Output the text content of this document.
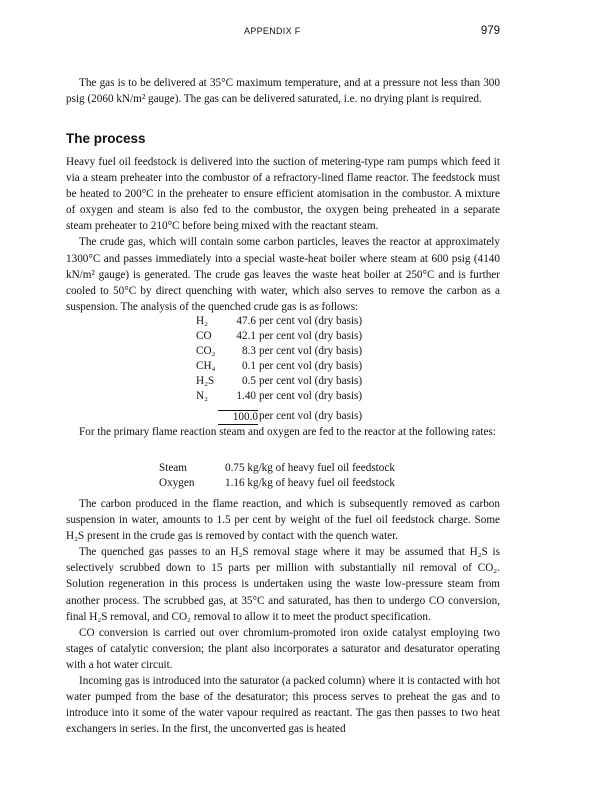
APPENDIX F	979

The gas is to be delivered at 35°C maximum temperature, and at a pressure not less than 300 psig (2060 kN/m² gauge). The gas can be delivered saturated, i.e. no drying plant is required.

The process

Heavy fuel oil feedstock is delivered into the suction of metering-type ram pumps which feed it via a steam preheater into the combustor of a refractory-lined flame reactor. The feedstock must be heated to 200°C in the preheater to ensure efficient atomisation in the combustor. A mixture of oxygen and steam is also fed to the combustor, the oxygen being preheated in a separate steam preheater to 210°C before being mixed with the reactant steam.

The crude gas, which will contain some carbon particles, leaves the reactor at approximately 1300°C and passes immediately into a special waste-heat boiler where steam at 600 psig (4140 kN/m² gauge) is generated. The crude gas leaves the waste heat boiler at 250°C and is further cooled to 50°C by direct quenching with water, which also serves to remove the carbon as a suspension. The analysis of the quenched crude gas is as follows:

H₂	47.6 per cent vol (dry basis)
CO	42.1 per cent vol (dry basis)
CO₂	8.3 per cent vol (dry basis)
CH₄	0.1 per cent vol (dry basis)
H₂S	0.5 per cent vol (dry basis)
N₂	1.40 per cent vol (dry basis)
100.0 per cent vol (dry basis)

For the primary flame reaction steam and oxygen are fed to the reactor at the following rates:

Steam	0.75 kg/kg of heavy fuel oil feedstock
Oxygen	1.16 kg/kg of heavy fuel oil feedstock

The carbon produced in the flame reaction, and which is subsequently removed as carbon suspension in water, amounts to 1.5 per cent by weight of the fuel oil feedstock charge. Some H₂S present in the crude gas is removed by contact with the quench water.

The quenched gas passes to an H₂S removal stage where it may be assumed that H₂S is selectively scrubbed down to 15 parts per million with substantially nil removal of CO₂. Solution regeneration in this process is undertaken using the waste low-pressure steam from another process. The scrubbed gas, at 35°C and saturated, has then to undergo CO conversion, final H₂S removal, and CO₂ removal to allow it to meet the product specification.

CO conversion is carried out over chromium-promoted iron oxide catalyst employing two stages of catalytic conversion; the plant also incorporates a saturator and desaturator operating with a hot water circuit.

Incoming gas is introduced into the saturator (a packed column) where it is contacted with hot water pumped from the base of the desaturator; this process serves to preheat the gas and to introduce into it some of the water vapour required as reactant. The gas then passes to two heat exchangers in series. In the first, the unconverted gas is heated
